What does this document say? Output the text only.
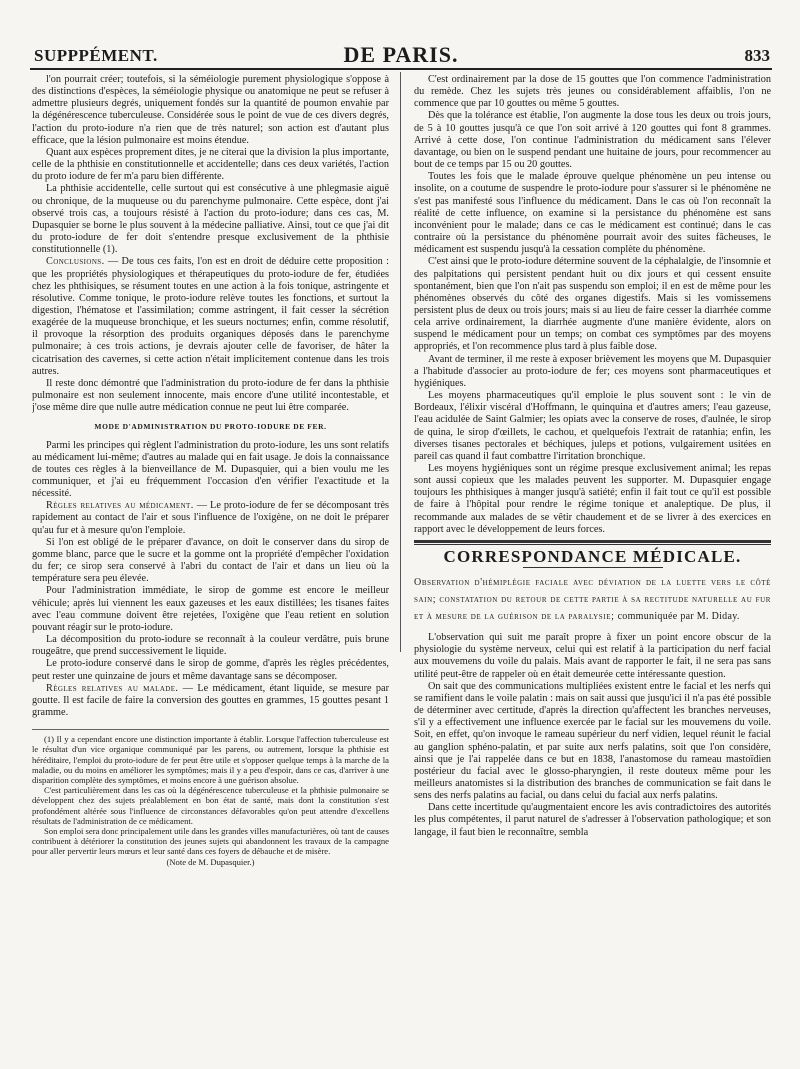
SUPPPÉMENT.	DE PARIS.	833

l'on pourrait créer; toutefois, si la séméiologie purement physiologique s'oppose à des distinctions d'espèces, la séméiologie physique ou anatomique ne peut se refuser à admettre plusieurs degrés, uniquement fondés sur la quantité de poumon envahie par la dégénérescence tuberculeuse. Considérée sous le point de vue de ces divers degrés, l'action du proto-iodure n'a rien que de très naturel; son action est d'autant plus efficace, que la lésion pulmonaire est moins étendue.

Quant aux espèces proprement dites, je ne citerai que la division la plus importante, celle de la phthisie en constitutionnelle et accidentelle; dans ces deux variétés, l'action du proto iodure de fer m'a paru bien différente.

La phthisie accidentelle, celle surtout qui est consécutive à une phlegmasie aiguë ou chronique, de la muqueuse ou du parenchyme pulmonaire. Cette espèce, dont j'ai observé trois cas, a toujours résisté à l'action du proto-iodure; dans ces cas, M. Dupasquier se borne le plus souvent à la médecine palliative. Ainsi, tout ce que j'ai dit du proto-iodure de fer doit s'entendre presque exclusivement de la phthisie constitutionnelle (1).

Conclusions. — De tous ces faits, l'on est en droit de déduire cette proposition : que les propriétés physiologiques et thérapeutiques du proto-iodure de fer, étudiées chez les phthisiques, se résument toutes en une action à la fois tonique, astringente et résolutive. Comme tonique, le proto-iodure relève toutes les fonctions, et surtout la digestion, l'hématose et l'assimilation; comme astringent, il fait cesser la sécrétion exagérée de la muqueuse bronchique, et les sueurs nocturnes; enfin, comme résolutif, il provoque la résorption des produits organiques déposés dans le parenchyme pulmonaire; à ces trois actions, je devrais ajouter celle de favoriser, de hâter la cicatrisation des cavernes, si cette action n'était implicitement contenue dans les trois autres.

Il reste donc démontré que l'administration du proto-iodure de fer dans la phthisie pulmonaire est non seulement innocente, mais encore d'une utilité incontestable, et j'ose même dire que nulle autre médication connue ne peut lui être comparée.

MODE D'ADMINISTRATION DU PROTO-IODURE DE FER.

Parmi les principes qui règlent l'administration du proto-iodure, les uns sont relatifs au médicament lui-même; d'autres au malade qui en fait usage. Je dois la connaissance de toutes ces règles à la bienveillance de M. Dupasquier, qui a bien voulu me les communiquer, et j'ai eu fréquemment l'occasion d'en vérifier l'exactitude et la nécessité.

Règles relatives au médicament. — Le proto-iodure de fer se décomposant très rapidement au contact de l'air et sous l'influence de l'oxigène, on ne doit le préparer qu'au fur et à mesure qu'on l'emploie.

Si l'on est obligé de le préparer d'avance, on doit le conserver dans du sirop de gomme blanc, parce que le sucre et la gomme ont la propriété d'empêcher l'oxidation du fer; ce sirop sera conservé à l'abri du contact de l'air et dans un lieu où la température sera peu élevée.

Pour l'administration immédiate, le sirop de gomme est encore le meilleur véhicule; après lui viennent les eaux gazeuses et les eaux distillées; les tisanes faites avec l'eau commune doivent être rejetées, l'oxigène que l'eau retient en solution pouvant réagir sur le proto-iodure.

La décomposition du proto-iodure se reconnaît à la couleur verdâtre, puis brune rougeâtre, que prend successivement le liquide.

Le proto-iodure conservé dans le sirop de gomme, d'après les règles précédentes, peut rester une quinzaine de jours et même davantage sans se décomposer.

Règles relatives au malade. — Le médicament, étant liquide, se mesure par goutte. Il est facile de faire la conversion des gouttes en grammes, 15 gouttes pesant 1 gramme.

(1) Il y a cependant encore une distinction importante à établir. Lorsque l'affection tuberculeuse est le résultat d'un vice organique communiqué par les parens, ou autrement, lorsque la phthisie est héréditaire, l'emploi du proto-iodure de fer peut être utile et s'opposer quelque temps à la marche de la maladie, ou du moins en améliorer les symptômes; mais il y a peu d'espoir, dans ce cas, d'arriver à une disparition complète des symptômes, et moins encore à une guérison absolue.

C'est particulièrement dans les cas où la dégénérescence tuberculeuse et la phthisie pulmonaire se développent chez des sujets préalablement en bon état de santé, mais dont la constitution s'est profondément altérée sous l'influence de circonstances défavorables qu'on peut attendre d'excellens résultats de l'administration de ce médicament.

Son emploi sera donc principalement utile dans les grandes villes manufacturières, où tant de causes contribuent à détériorer la constitution des jeunes sujets qui abandonnent les travaux de la campagne pour aller pervertir leurs mœurs et leur santé dans ces foyers de débauche et de misère.

(Note de M. Dupasquier.)

C'est ordinairement par la dose de 15 gouttes que l'on commence l'administration du remède. Chez les sujets très jeunes ou considérablement affaiblis, l'on ne commence que par 10 gouttes ou même 5 gouttes.

Dès que la tolérance est établie, l'on augmente la dose tous les deux ou trois jours, de 5 à 10 gouttes jusqu'à ce que l'on soit arrivé à 120 gouttes qui font 8 grammes. Arrivé à cette dose, l'on continue l'administration du médicament sans l'élever davantage, ou bien on le suspend pendant une huitaine de jours, pour recommencer au bout de ce temps par 15 ou 20 gouttes.

Toutes les fois que le malade éprouve quelque phénomène un peu intense ou insolite, on a coutume de suspendre le proto-iodure pour s'assurer si le phénomène ne s'est pas manifesté sous l'influence du médicament. Dans le cas où l'on reconnaît la réalité de cette influence, on examine si la persistance du phénomène est sans inconvénient pour le malade; dans ce cas le médicament est continué; dans le cas contraire où la persistance du phénomène pourrait avoir des suites fâcheuses, le médicament est suspendu jusqu'à la cessation complète du phénomène.

C'est ainsi que le proto-iodure détermine souvent de la céphalalgie, de l'insomnie et des palpitations qui persistent pendant huit ou dix jours et qui cessent ensuite spontanément, bien que l'on n'ait pas suspendu son emploi; il en est de même pour les phénomènes observés du côté des organes digestifs. Mais si les vomissemens persistent plus de deux ou trois jours; mais si au lieu de faire cesser la diarrhée comme cela arrive ordinairement, la diarrhée augmente d'une manière évidente, alors on suspend le médicament pour un temps; on combat ces symptômes par des moyens appropriés, et l'on recommence plus tard à plus faible dose.

Avant de terminer, il me reste à exposer brièvement les moyens que M. Dupasquier a l'habitude d'associer au proto-iodure de fer; ces moyens sont pharmaceutiques et hygiéniques.

Les moyens pharmaceutiques qu'il emploie le plus souvent sont : le vin de Bordeaux, l'élixir viscéral d'Hoffmann, le quinquina et d'autres amers; l'eau gazeuse, l'eau acidulée de Saint Galmier; les opiats avec la conserve de roses, d'aulnée, le sirop de quina, le sirop d'œillets, le cachou, et quelquefois l'extrait de ratanhia; enfin, les diverses tisanes pectorales et béchiques, juleps et potions, vulgairement usitées en pareil cas quand il faut combattre l'irritation bronchique.

Les moyens hygiéniques sont un régime presque exclusivement animal; les repas sont aussi copieux que les malades peuvent les supporter. M. Dupasquier engage toujours les phthisiques à manger jusqu'à satiété; enfin il fait tout ce qu'il est possible de faire à l'hôpital pour rendre le régime tonique et analeptique. De plus, il recommande aux malades de se vêtir chaudement et de se livrer à des exercices en rapport avec le développement de leurs forces.

CORRESPONDANCE MÉDICALE.

Observation d'hémiplégie faciale avec déviation de la luette vers le côté sain; constatation du retour de cette partie à sa rectitude naturelle au fur et à mesure de la guérison de la paralysie; communiquée par M. Diday.

L'observation qui suit me paraît propre à fixer un point encore obscur de la physiologie du système nerveux, celui qui est relatif à la participation du nerf facial aux mouvemens du voile du palais. Mais avant de rapporter le fait, il ne sera pas sans utilité peut-être de rappeler où en était demeurée cette intéressante question.

On sait que des communications multipliées existent entre le facial et les nerfs qui se ramifient dans le voile palatin : mais on sait aussi que jusqu'ici il n'a pas été possible de déterminer avec certitude, d'après la direction qu'affectent les branches nerveuses, s'il y a effectivement une influence exercée par le facial sur les mouvemens du voile. Soit, en effet, qu'on invoque le rameau supérieur du nerf vidien, lequel réunit le facial au ganglion sphéno-palatin, et par suite aux nerfs palatins, soit que l'on considère, ainsi que je l'ai rappelée dans ce but en 1838, l'anastomose du rameau mastoïdien postérieur du facial avec le glosso-pharyngien, il reste douteux même pour les meilleurs anatomistes si la distribution des branches de communication se fait dans le sens des nerfs palatins au facial, ou dans celui du facial aux nerfs palatins.

Dans cette incertitude qu'augmentaient encore les avis contradictoires des autorités les plus compétentes, il parut naturel de s'adresser à l'observation pathologique; et son langage, il faut bien le reconnaître, sembla
